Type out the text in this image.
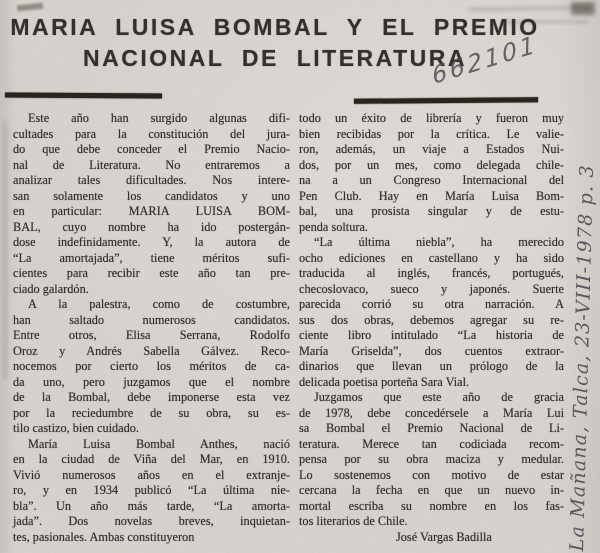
MARIA LUISA BOMBAL Y EL PREMIO
NACIONAL DE LITERATURA
662101
Este año han surgido algunas difi-
cultades para la constitución del jura-
do que debe conceder el Premio Nacio-
nal de Literatura. No entraremos a
analizar tales dificultades. Nos intere-
san solamente los candidatos y uno
en particular: MARIA LUISA BOM-
BAL, cuyo nombre ha ido postergán-
dose indefinidamente. Y, la autora de
“La amortajada”, tiene méritos sufi-
cientes para recibir este año tan pre-
ciado galardón.
A la palestra, como de costumbre,
han saltado numerosos candidatos.
Entre otros, Elisa Serrana, Rodolfo
Oroz y Andrés Sabella Gálvez. Reco-
nocemos por cierto los méritos de ca-
da uno, pero juzgamos que el nombre
de la Bombal, debe imponerse esta vez
por la reciedumbre de su obra, su es-
tilo castizo, bien cuidado.
María Luisa Bombal Anthes, nació
en la ciudad de Viña del Mar, en 1910.
Vivió numerosos años en el extranje-
ro, y en 1934 publicó “La última nie-
bla”. Un año más tarde, “La amorta-
jada”. Dos novelas breves, inquietan-
tes, pasionales. Ambas constituyeron
todo un éxito de librería y fueron muy
bien recibidas por la crítica. Le valie-
ron, además, un viaje a Estados Nui-
dos, por un mes, como delegada chile-
na a un Congreso Internacional del
Pen Club. Hay en María Luisa Bom-
bal, una prosista singular y de estu-
penda soltura.
“La última niebla”, ha merecido
ocho ediciones en castellano y ha sido
traducida al inglés, francés, portugués,
checoslovaco, sueco y japonés. Suerte
parecida corrió su otra narración. A
sus dos obras, debemos agregar su re-
ciente libro intitulado “La historia de
María Griselda”, dos cuentos extraor-
dinarios que llevan un prólogo de la
delicada poetisa porteña Sara Vial.
Juzgamos que este año de gracia
de 1978, debe concedérsele a María Lui
sa Bombal el Premio Nacional de Li-
teratura. Merece tan codiciada recom-
pensa por su obra maciza y medular.
Lo sostenemos con motivo de estar
cercana la fecha en que un nuevo in-
mortal escriba su nombre en los fas-
tos literarios de Chile.
José Vargas Badilla	La Mañana, Talca, 23-VIII-1978 p. 3
